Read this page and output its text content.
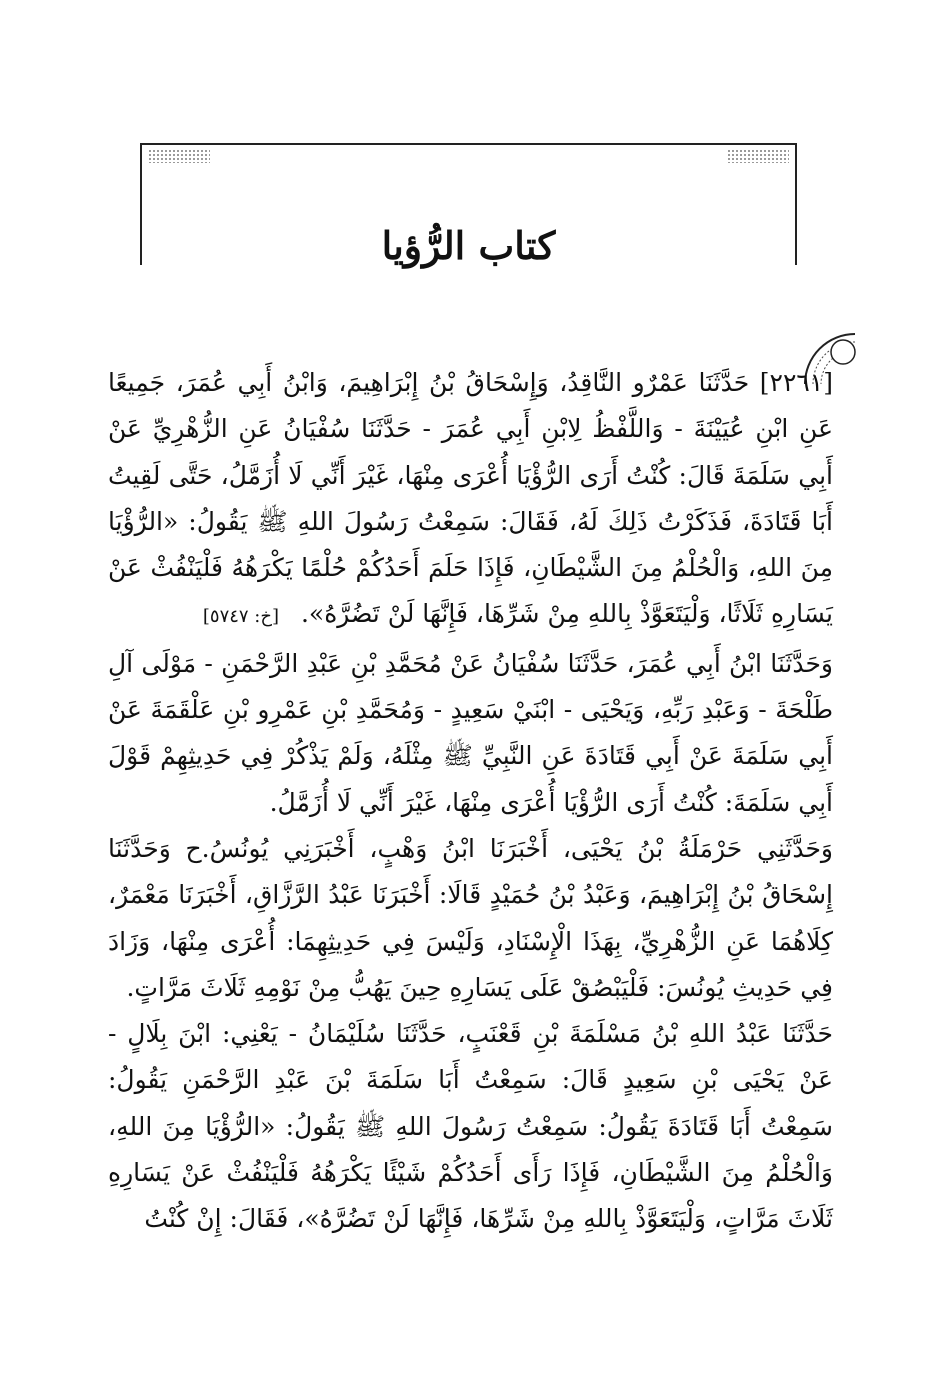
كتاب الرُّؤيا

[٢٢٦١] حَدَّثَنَا عَمْرٌو النَّاقِدُ، وَإِسْحَاقُ بْنُ إِبْرَاهِيمَ، وَابْنُ أَبِي عُمَرَ، جَمِيعًا عَنِ ابْنِ عُيَيْنَةَ - وَاللَّفْظُ لِابْنِ أَبِي عُمَرَ - حَدَّثَنَا سُفْيَانُ عَنِ الزُّهْرِيِّ عَنْ أَبِي سَلَمَةَ قَالَ: كُنْتُ أَرَى الرُّؤْيَا أُعْرَى مِنْهَا، غَيْرَ أَنِّي لَا أُزَمَّلُ، حَتَّى لَقِيتُ أَبَا قَتَادَةَ، فَذَكَرْتُ ذَلِكَ لَهُ، فَقَالَ: سَمِعْتُ رَسُولَ اللهِ ﷺ يَقُولُ: «الرُّؤْيَا مِنَ اللهِ، وَالْحُلْمُ مِنَ الشَّيْطَانِ، فَإِذَا حَلَمَ أَحَدُكُمْ حُلْمًا يَكْرَهُهُ فَلْيَنْفُثْ عَنْ يَسَارِهِ ثَلَاثًا، وَلْيَتَعَوَّذْ بِاللهِ مِنْ شَرِّهَا، فَإِنَّهَا لَنْ تَضُرَّهُ». [خ: ٥٧٤٧]

وَحَدَّثَنَا ابْنُ أَبِي عُمَرَ، حَدَّثَنَا سُفْيَانُ عَنْ مُحَمَّدِ بْنِ عَبْدِ الرَّحْمَنِ - مَوْلَى آلِ طَلْحَةَ - وَعَبْدِ رَبِّهِ، وَيَحْيَى - ابْنَيْ سَعِيدٍ - وَمُحَمَّدِ بْنِ عَمْرِو بْنِ عَلْقَمَةَ عَنْ أَبِي سَلَمَةَ عَنْ أَبِي قَتَادَةَ عَنِ النَّبِيِّ ﷺ مِثْلَهُ، وَلَمْ يَذْكُرْ فِي حَدِيثِهِمْ قَوْلَ أَبِي سَلَمَةَ: كُنْتُ أَرَى الرُّؤْيَا أُعْرَى مِنْهَا، غَيْرَ أَنِّي لَا أُزَمَّلُ.

وَحَدَّثَنِي حَرْمَلَةُ بْنُ يَحْيَى، أَخْبَرَنَا ابْنُ وَهْبٍ، أَخْبَرَنِي يُونُسُ.ح وَحَدَّثَنَا إِسْحَاقُ بْنُ إِبْرَاهِيمَ، وَعَبْدُ بْنُ حُمَيْدٍ قَالَا: أَخْبَرَنَا عَبْدُ الرَّزَّاقِ، أَخْبَرَنَا مَعْمَرٌ، كِلَاهُمَا عَنِ الزُّهْرِيِّ، بِهَذَا الْإِسْنَادِ، وَلَيْسَ فِي حَدِيثِهِمَا: أُعْرَى مِنْهَا، وَزَادَ فِي حَدِيثِ يُونُسَ: فَلْيَبْصُقْ عَلَى يَسَارِهِ حِينَ يَهُبُّ مِنْ نَوْمِهِ ثَلَاثَ مَرَّاتٍ.

حَدَّثَنَا عَبْدُ اللهِ بْنُ مَسْلَمَةَ بْنِ قَعْنَبٍ، حَدَّثَنَا سُلَيْمَانُ - يَعْنِي: ابْنَ بِلَالٍ - عَنْ يَحْيَى بْنِ سَعِيدٍ قَالَ: سَمِعْتُ أَبَا سَلَمَةَ بْنَ عَبْدِ الرَّحْمَنِ يَقُولُ: سَمِعْتُ أَبَا قَتَادَةَ يَقُولُ: سَمِعْتُ رَسُولَ اللهِ ﷺ يَقُولُ: «الرُّؤْيَا مِنَ اللهِ، وَالْحُلْمُ مِنَ الشَّيْطَانِ، فَإِذَا رَأَى أَحَدُكُمْ شَيْئًا يَكْرَهُهُ فَلْيَنْفُثْ عَنْ يَسَارِهِ ثَلَاثَ مَرَّاتٍ، وَلْيَتَعَوَّذْ بِاللهِ مِنْ شَرِّهَا، فَإِنَّهَا لَنْ تَضُرَّهُ»، فَقَالَ: إِنْ كُنْتُ
